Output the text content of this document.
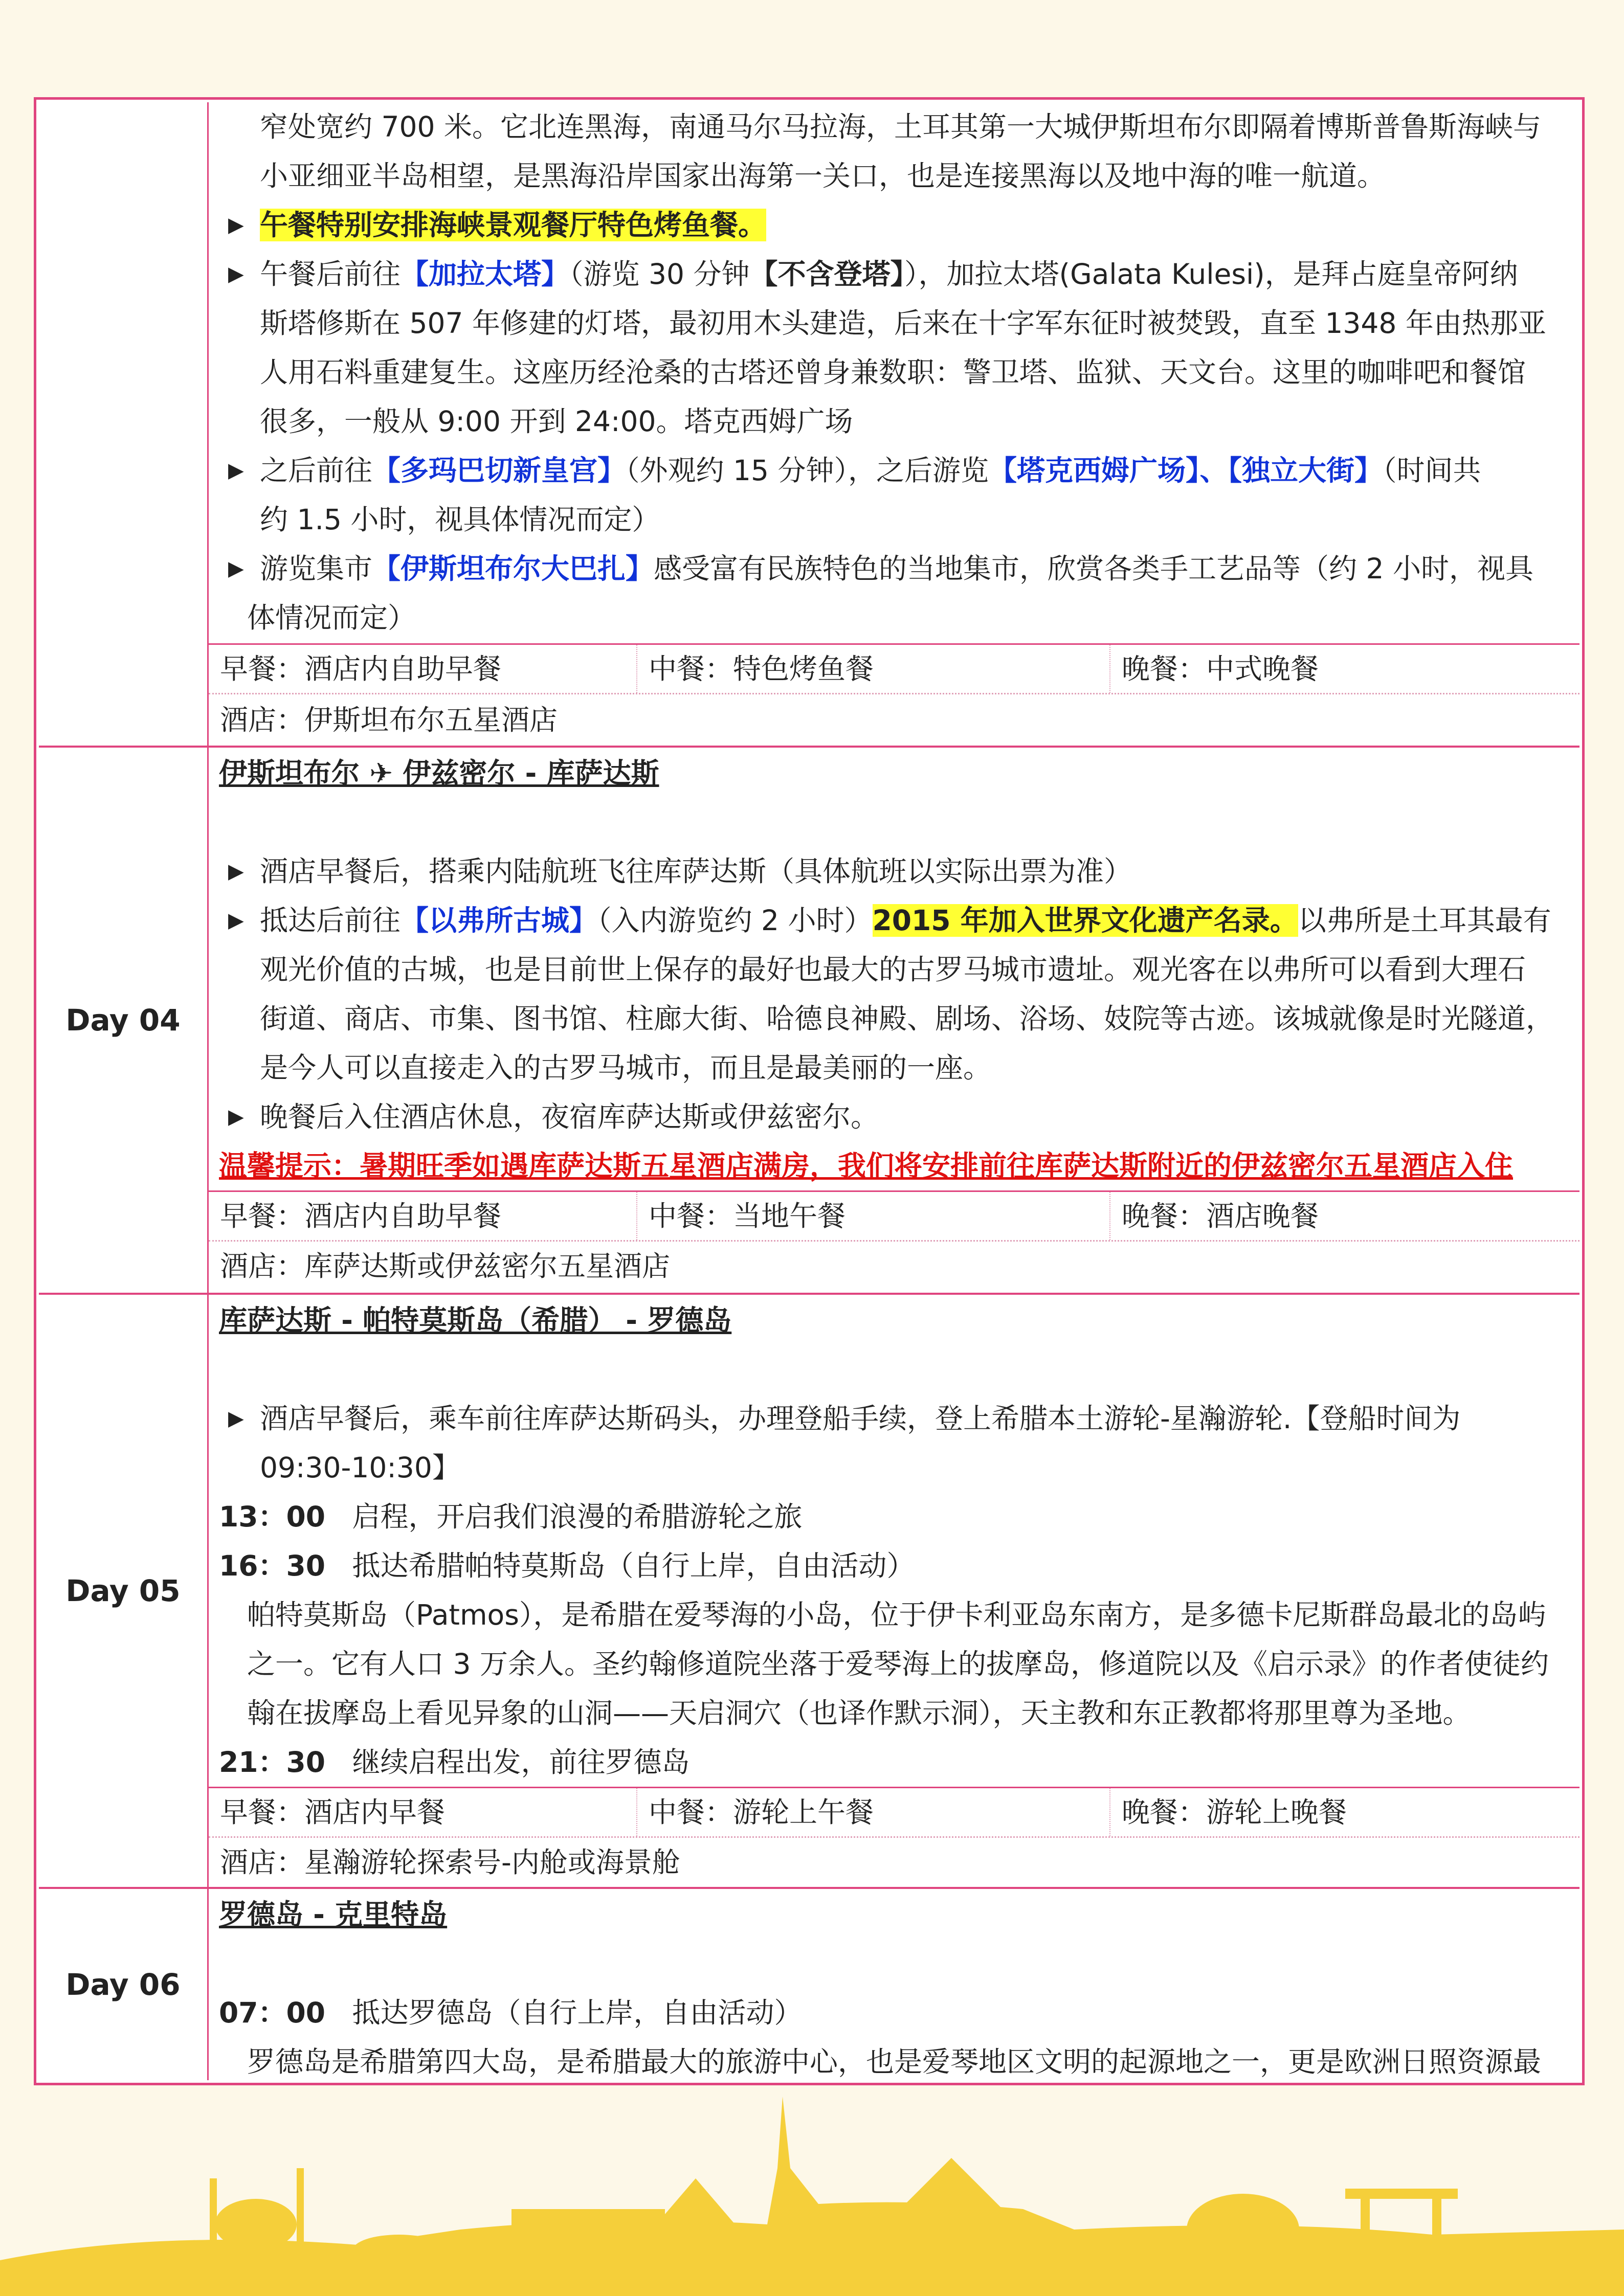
窄处宽约 700 米。它北连黑海，南通马尔马拉海，土耳其第一大城伊斯坦布尔即隔着博斯普鲁斯海峡与
小亚细亚半岛相望，是黑海沿岸国家出海第一关口，也是连接黑海以及地中海的唯一航道。
▶ 午餐特别安排海峡景观餐厅特色烤鱼餐。
▶ 午餐后前往【加拉太塔】（游览 30 分钟【不含登塔】），加拉太塔(Galata Kulesi)，是拜占庭皇帝阿纳
斯塔修斯在 507 年修建的灯塔，最初用木头建造，后来在十字军东征时被焚毁，直至 1348 年由热那亚
人用石料重建复生。这座历经沧桑的古塔还曾身兼数职：警卫塔、监狱、天文台。这里的咖啡吧和餐馆
很多，一般从 9:00 开到 24:00。塔克西姆广场
▶ 之后前往【多玛巴切新皇宫】（外观约 15 分钟），之后游览【塔克西姆广场】、【独立大街】（时间共
约 1.5 小时，视具体情况而定）
▶ 游览集市【伊斯坦布尔大巴扎】感受富有民族特色的当地集市，欣赏各类手工艺品等（约 2 小时，视具
体情况而定）
早餐：酒店内自助早餐	中餐：特色烤鱼餐	晚餐：中式晚餐
酒店：伊斯坦布尔五星酒店
Day 04
伊斯坦布尔 ✈ 伊兹密尔 - 库萨达斯
▶ 酒店早餐后，搭乘内陆航班飞往库萨达斯（具体航班以实际出票为准）
▶ 抵达后前往【以弗所古城】（入内游览约 2 小时）2015 年加入世界文化遗产名录。以弗所是土耳其最有
观光价值的古城，也是目前世上保存的最好也最大的古罗马城市遗址。观光客在以弗所可以看到大理石
街道、商店、市集、图书馆、柱廊大街、哈德良神殿、剧场、浴场、妓院等古迹。该城就像是时光隧道，
是今人可以直接走入的古罗马城市，而且是最美丽的一座。
▶ 晚餐后入住酒店休息，夜宿库萨达斯或伊兹密尔。
温馨提示：暑期旺季如遇库萨达斯五星酒店满房，我们将安排前往库萨达斯附近的伊兹密尔五星酒店入住
早餐：酒店内自助早餐	中餐：当地午餐	晚餐：酒店晚餐
酒店：库萨达斯或伊兹密尔五星酒店
Day 05
库萨达斯 - 帕特莫斯岛（希腊） - 罗德岛
▶ 酒店早餐后，乘车前往库萨达斯码头，办理登船手续，登上希腊本土游轮-星瀚游轮.【登船时间为
09:30-10:30】
13：00 启程，开启我们浪漫的希腊游轮之旅
16：30 抵达希腊帕特莫斯岛（自行上岸，自由活动）
帕特莫斯岛（Patmos），是希腊在爱琴海的小岛，位于伊卡利亚岛东南方，是多德卡尼斯群岛最北的岛屿
之一。它有人口 3 万余人。圣约翰修道院坐落于爱琴海上的拔摩岛，修道院以及《启示录》的作者使徒约
翰在拔摩岛上看见异象的山洞——天启洞穴（也译作默示洞），天主教和东正教都将那里尊为圣地。
21：30 继续启程出发，前往罗德岛
早餐：酒店内早餐	中餐：游轮上午餐	晚餐：游轮上晚餐
酒店：星瀚游轮探索号-内舱或海景舱
Day 06
罗德岛 - 克里特岛
07：00 抵达罗德岛（自行上岸，自由活动）
罗德岛是希腊第四大岛，是希腊最大的旅游中心，也是爱琴地区文明的起源地之一，更是欧洲日照资源最
